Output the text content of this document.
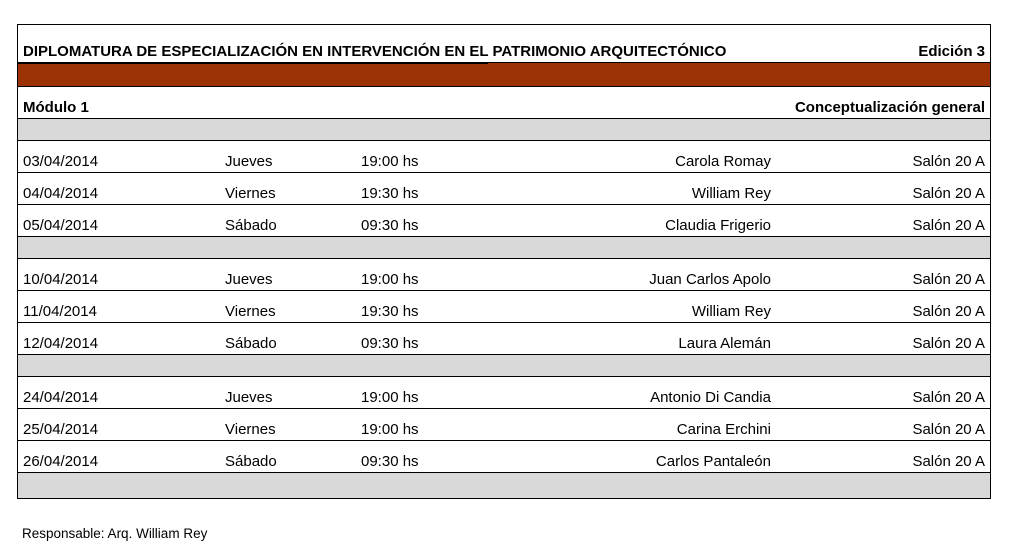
DIPLOMATURA DE ESPECIALIZACIÓN EN INTERVENCIÓN EN EL PATRIMONIO ARQUITECTÓNICO	Edición 3
Módulo 1	Conceptualización general
03/04/2014	Jueves	19:00 hs	Carola Romay	Salón 20 A
04/04/2014	Viernes	19:30 hs	William Rey	Salón 20 A
05/04/2014	Sábado	09:30 hs	Claudia Frigerio	Salón 20 A
10/04/2014	Jueves	19:00 hs	Juan Carlos Apolo	Salón 20 A
11/04/2014	Viernes	19:30 hs	William Rey	Salón 20 A
12/04/2014	Sábado	09:30 hs	Laura Alemán	Salón 20 A
24/04/2014	Jueves	19:00 hs	Antonio Di Candia	Salón 20 A
25/04/2014	Viernes	19:00 hs	Carina Erchini	Salón 20 A
26/04/2014	Sábado	09:30 hs	Carlos Pantaleón	Salón 20 A
Responsable: Arq. William Rey
